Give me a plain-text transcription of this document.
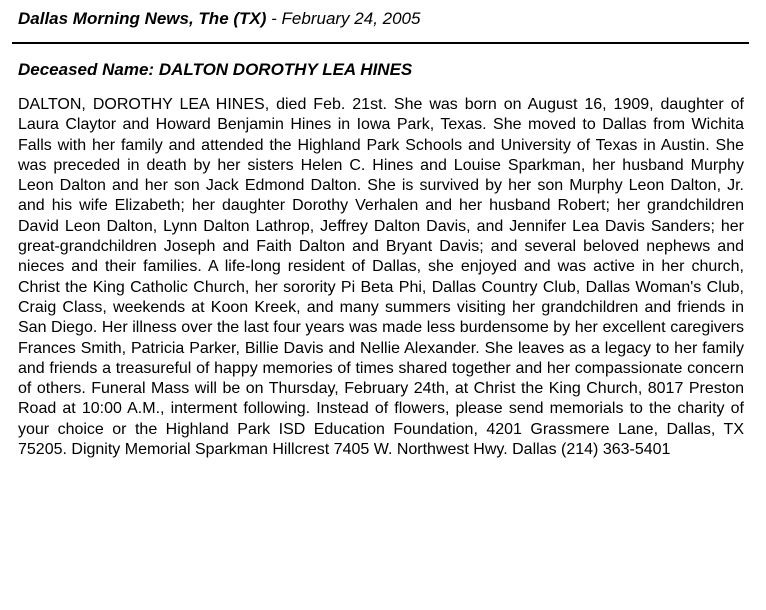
Dallas Morning News, The (TX) - February 24, 2005
Deceased Name: DALTON DOROTHY LEA HINES
DALTON, DOROTHY LEA HINES, died Feb. 21st. She was born on August 16, 1909, daughter of Laura Claytor and Howard Benjamin Hines in Iowa Park, Texas. She moved to Dallas from Wichita Falls with her family and attended the Highland Park Schools and University of Texas in Austin. She was preceded in death by her sisters Helen C. Hines and Louise Sparkman, her husband Murphy Leon Dalton and her son Jack Edmond Dalton. She is survived by her son Murphy Leon Dalton, Jr. and his wife Elizabeth; her daughter Dorothy Verhalen and her husband Robert; her grandchildren David Leon Dalton, Lynn Dalton Lathrop, Jeffrey Dalton Davis, and Jennifer Lea Davis Sanders; her great-grandchildren Joseph and Faith Dalton and Bryant Davis; and several beloved nephews and nieces and their families. A life-long resident of Dallas, she enjoyed and was active in her church, Christ the King Catholic Church, her sorority Pi Beta Phi, Dallas Country Club, Dallas Woman's Club, Craig Class, weekends at Koon Kreek, and many summers visiting her grandchildren and friends in San Diego. Her illness over the last four years was made less burdensome by her excellent caregivers Frances Smith, Patricia Parker, Billie Davis and Nellie Alexander. She leaves as a legacy to her family and friends a treasureful of happy memories of times shared together and her compassionate concern of others. Funeral Mass will be on Thursday, February 24th, at Christ the King Church, 8017 Preston Road at 10:00 A.M., interment following. Instead of flowers, please send memorials to the charity of your choice or the Highland Park ISD Education Foundation, 4201 Grassmere Lane, Dallas, TX 75205. Dignity Memorial Sparkman Hillcrest 7405 W. Northwest Hwy. Dallas (214) 363-5401
